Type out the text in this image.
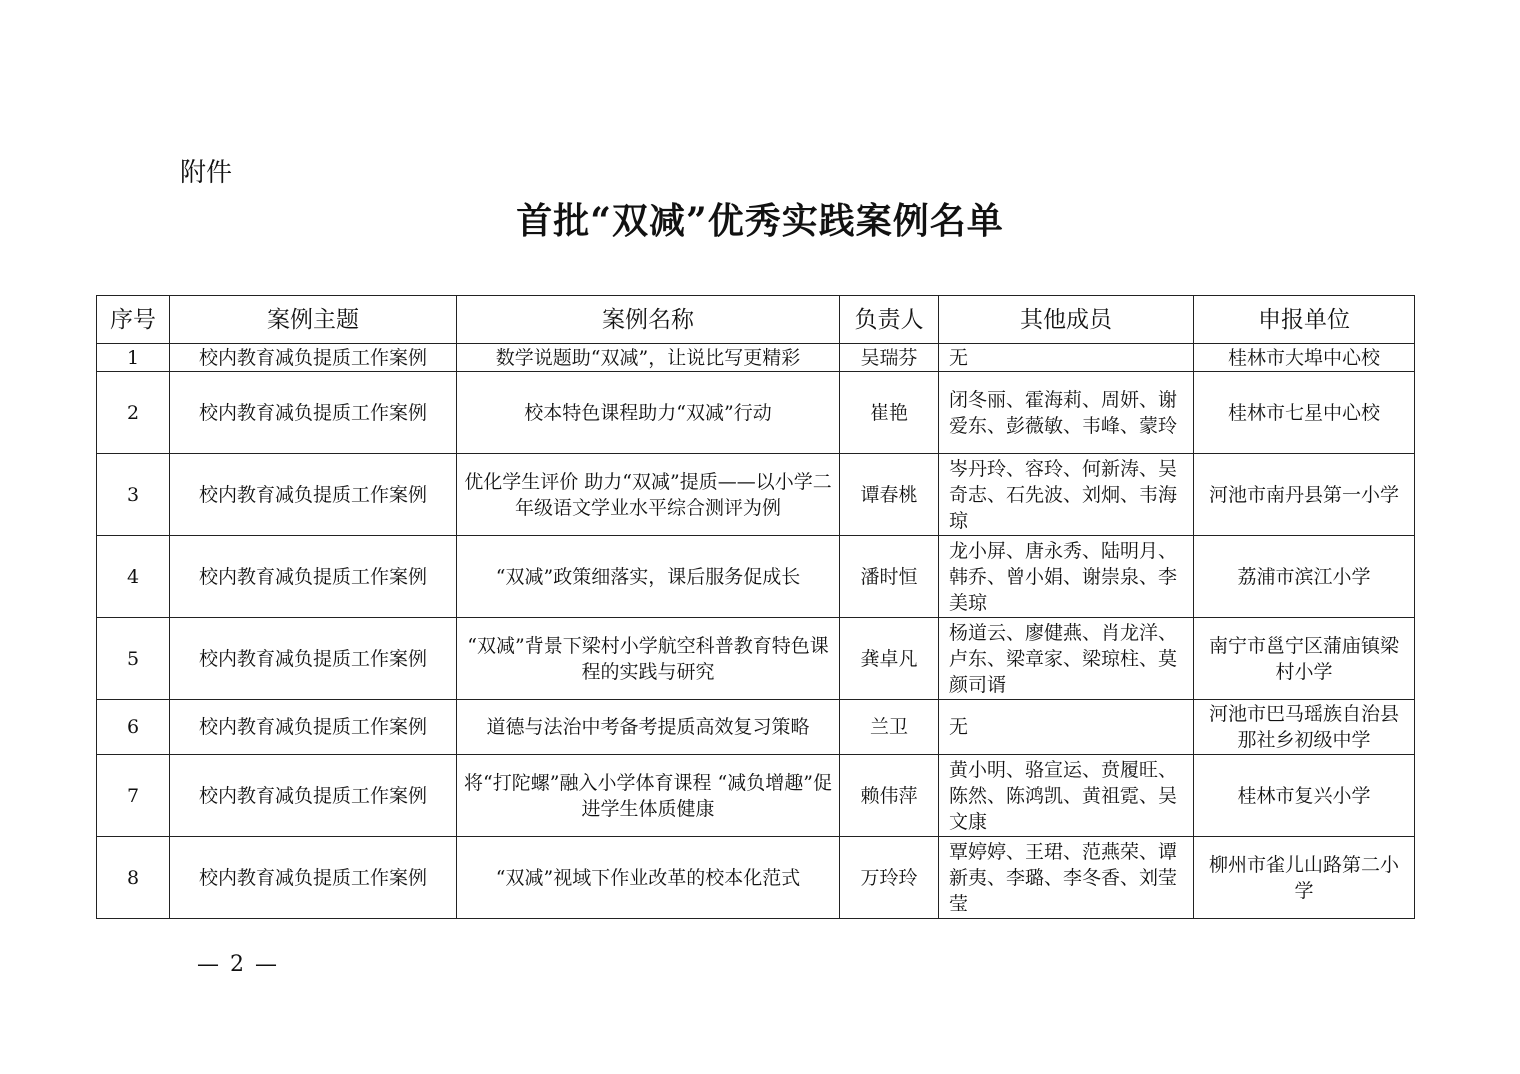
附件
首批“双减”优秀实践案例名单
序号	案例主题	案例名称	负责人	其他成员	申报单位
1	校内教育减负提质工作案例	数学说题助“双减”，让说比写更精彩	吴瑞芬	无	桂林市大埠中心校
2	校内教育减负提质工作案例	校本特色课程助力“双减”行动	崔艳	闭冬丽、霍海莉、周妍、谢爱东、彭薇敏、韦峰、蒙玲	桂林市七星中心校
3	校内教育减负提质工作案例	优化学生评价 助力“双减”提质——以小学二年级语文学业水平综合测评为例	谭春桃	岑丹玲、容玲、何新涛、吴奇志、石先波、刘炯、韦海琼	河池市南丹县第一小学
4	校内教育减负提质工作案例	“双减”政策细落实，课后服务促成长	潘时恒	龙小屏、唐永秀、陆明月、韩乔、曾小娟、谢崇泉、李美琼	荔浦市滨江小学
5	校内教育减负提质工作案例	“双减”背景下梁村小学航空科普教育特色课程的实践与研究	龚卓凡	杨道云、廖健燕、肖龙洋、卢东、梁章家、梁琼柱、莫颜司谞	南宁市邕宁区蒲庙镇梁村小学
6	校内教育减负提质工作案例	道德与法治中考备考提质高效复习策略	兰卫	无	河池市巴马瑶族自治县那社乡初级中学
7	校内教育减负提质工作案例	将“打陀螺”融入小学体育课程 “减负增趣”促进学生体质健康	赖伟萍	黄小明、骆宣运、贲履旺、陈然、陈鸿凯、黄祖霓、吴文康	桂林市复兴小学
8	校内教育减负提质工作案例	“双减”视域下作业改革的校本化范式	万玲玲	覃婷婷、王珺、范燕荣、谭新夷、李璐、李冬香、刘莹莹	柳州市雀儿山路第二小学
— 2 —
